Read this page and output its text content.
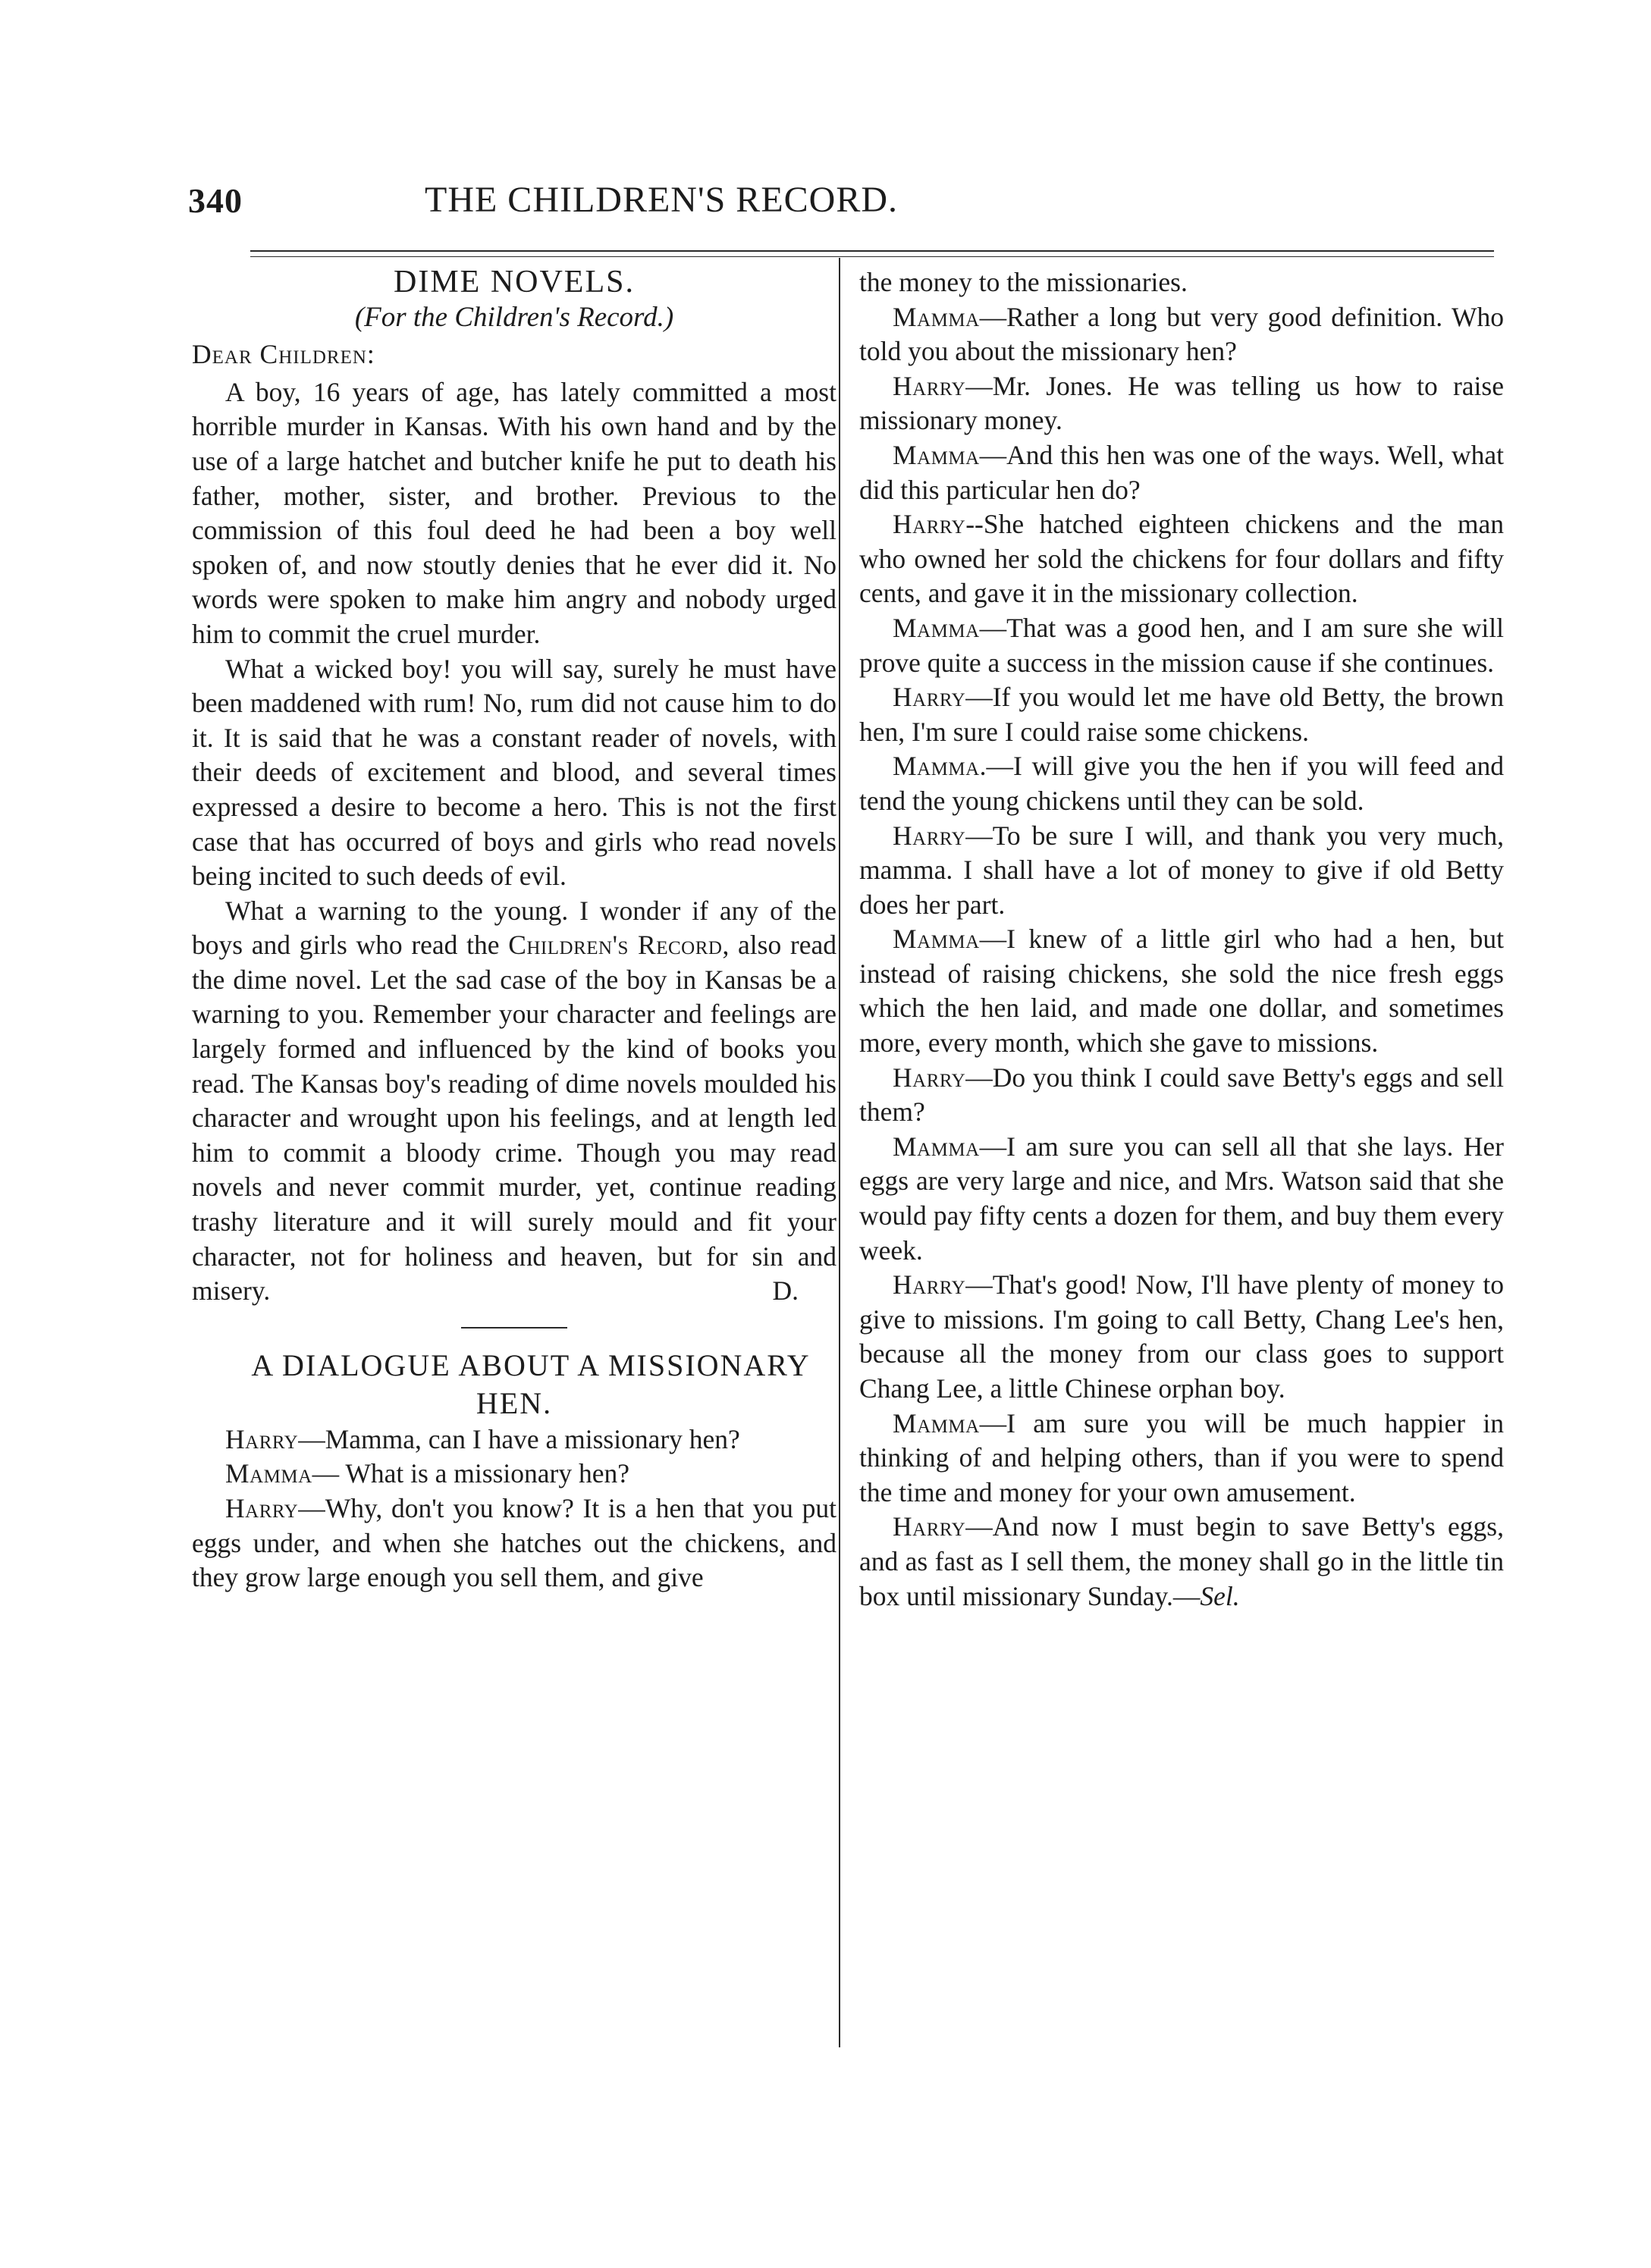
340	THE CHILDREN'S RECORD.

DIME NOVELS.

(For the Children's Record.)

Dear Children:

A boy, 16 years of age, has lately committed a most horrible murder in Kansas. With his own hand and by the use of a large hatchet and butcher knife he put to death his father, mother, sister, and brother. Previous to the commission of this foul deed he had been a boy well spoken of, and now stoutly denies that he ever did it. No words were spoken to make him angry and nobody urged him to commit the cruel murder.

What a wicked boy! you will say, surely he must have been maddened with rum! No, rum did not cause him to do it. It is said that he was a constant reader of novels, with their deeds of excitement and blood, and several times expressed a desire to become a hero. This is not the first case that has occurred of boys and girls who read novels being incited to such deeds of evil.

What a warning to the young. I wonder if any of the boys and girls who read the Children's Record, also read the dime novel. Let the sad case of the boy in Kansas be a warning to you. Remember your character and feelings are largely formed and influenced by the kind of books you read. The Kansas boy's reading of dime novels moulded his character and wrought upon his feelings, and at length led him to commit a bloody crime. Though you may read novels and never commit murder, yet, continue reading trashy literature and it will surely mould and fit your character, not for holiness and heaven, but for sin and misery.	D.

A DIALOGUE ABOUT A MISSIONARY HEN.

Harry—Mamma, can I have a missionary hen?

Mamma— What is a missionary hen?

Harry—Why, don't you know? It is a hen that you put eggs under, and when she hatches out the chickens, and they grow large enough you sell them, and give

the money to the missionaries.

Mamma—Rather a long but very good definition. Who told you about the missionary hen?

Harry—Mr. Jones. He was telling us how to raise missionary money.

Mamma—And this hen was one of the ways. Well, what did this particular hen do?

Harry--She hatched eighteen chickens and the man who owned her sold the chickens for four dollars and fifty cents, and gave it in the missionary collection.

Mamma—That was a good hen, and I am sure she will prove quite a success in the mission cause if she continues.

Harry—If you would let me have old Betty, the brown hen, I'm sure I could raise some chickens.

Mamma.—I will give you the hen if you will feed and tend the young chickens until they can be sold.

Harry—To be sure I will, and thank you very much, mamma. I shall have a lot of money to give if old Betty does her part.

Mamma—I knew of a little girl who had a hen, but instead of raising chickens, she sold the nice fresh eggs which the hen laid, and made one dollar, and sometimes more, every month, which she gave to missions.

Harry—Do you think I could save Betty's eggs and sell them?

Mamma—I am sure you can sell all that she lays. Her eggs are very large and nice, and Mrs. Watson said that she would pay fifty cents a dozen for them, and buy them every week.

Harry—That's good! Now, I'll have plenty of money to give to missions. I'm going to call Betty, Chang Lee's hen, because all the money from our class goes to support Chang Lee, a little Chinese orphan boy.

Mamma—I am sure you will be much happier in thinking of and helping others, than if you were to spend the time and money for your own amusement.

Harry—And now I must begin to save Betty's eggs, and as fast as I sell them, the money shall go in the little tin box until missionary Sunday.—Sel.
